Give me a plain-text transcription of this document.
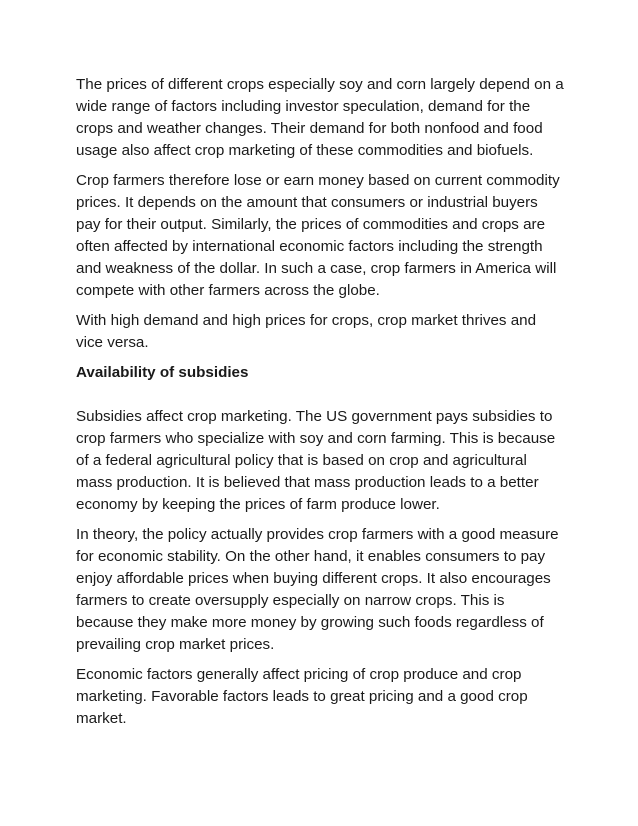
The prices of different crops especially soy and corn largely depend on a wide range of factors including investor speculation, demand for the crops and weather changes. Their demand for both nonfood and food usage also affect crop marketing of these commodities and biofuels.

Crop farmers therefore lose or earn money based on current commodity prices. It depends on the amount that consumers or industrial buyers pay for their output. Similarly, the prices of commodities and crops are often affected by international economic factors including the strength and weakness of the dollar. In such a case, crop farmers in America will compete with other farmers across the globe.

With high demand and high prices for crops, crop market thrives and vice versa.

Availability of subsidies

Subsidies affect crop marketing. The US government pays subsidies to crop farmers who specialize with soy and corn farming. This is because of a federal agricultural policy that is based on crop and agricultural mass production. It is believed that mass production leads to a better economy by keeping the prices of farm produce lower.

In theory, the policy actually provides crop farmers with a good measure for economic stability. On the other hand, it enables consumers to pay enjoy affordable prices when buying different crops. It also encourages farmers to create oversupply especially on narrow crops. This is because they make more money by growing such foods regardless of prevailing crop market prices.

Economic factors generally affect pricing of crop produce and crop marketing. Favorable factors leads to great pricing and a good crop market.
